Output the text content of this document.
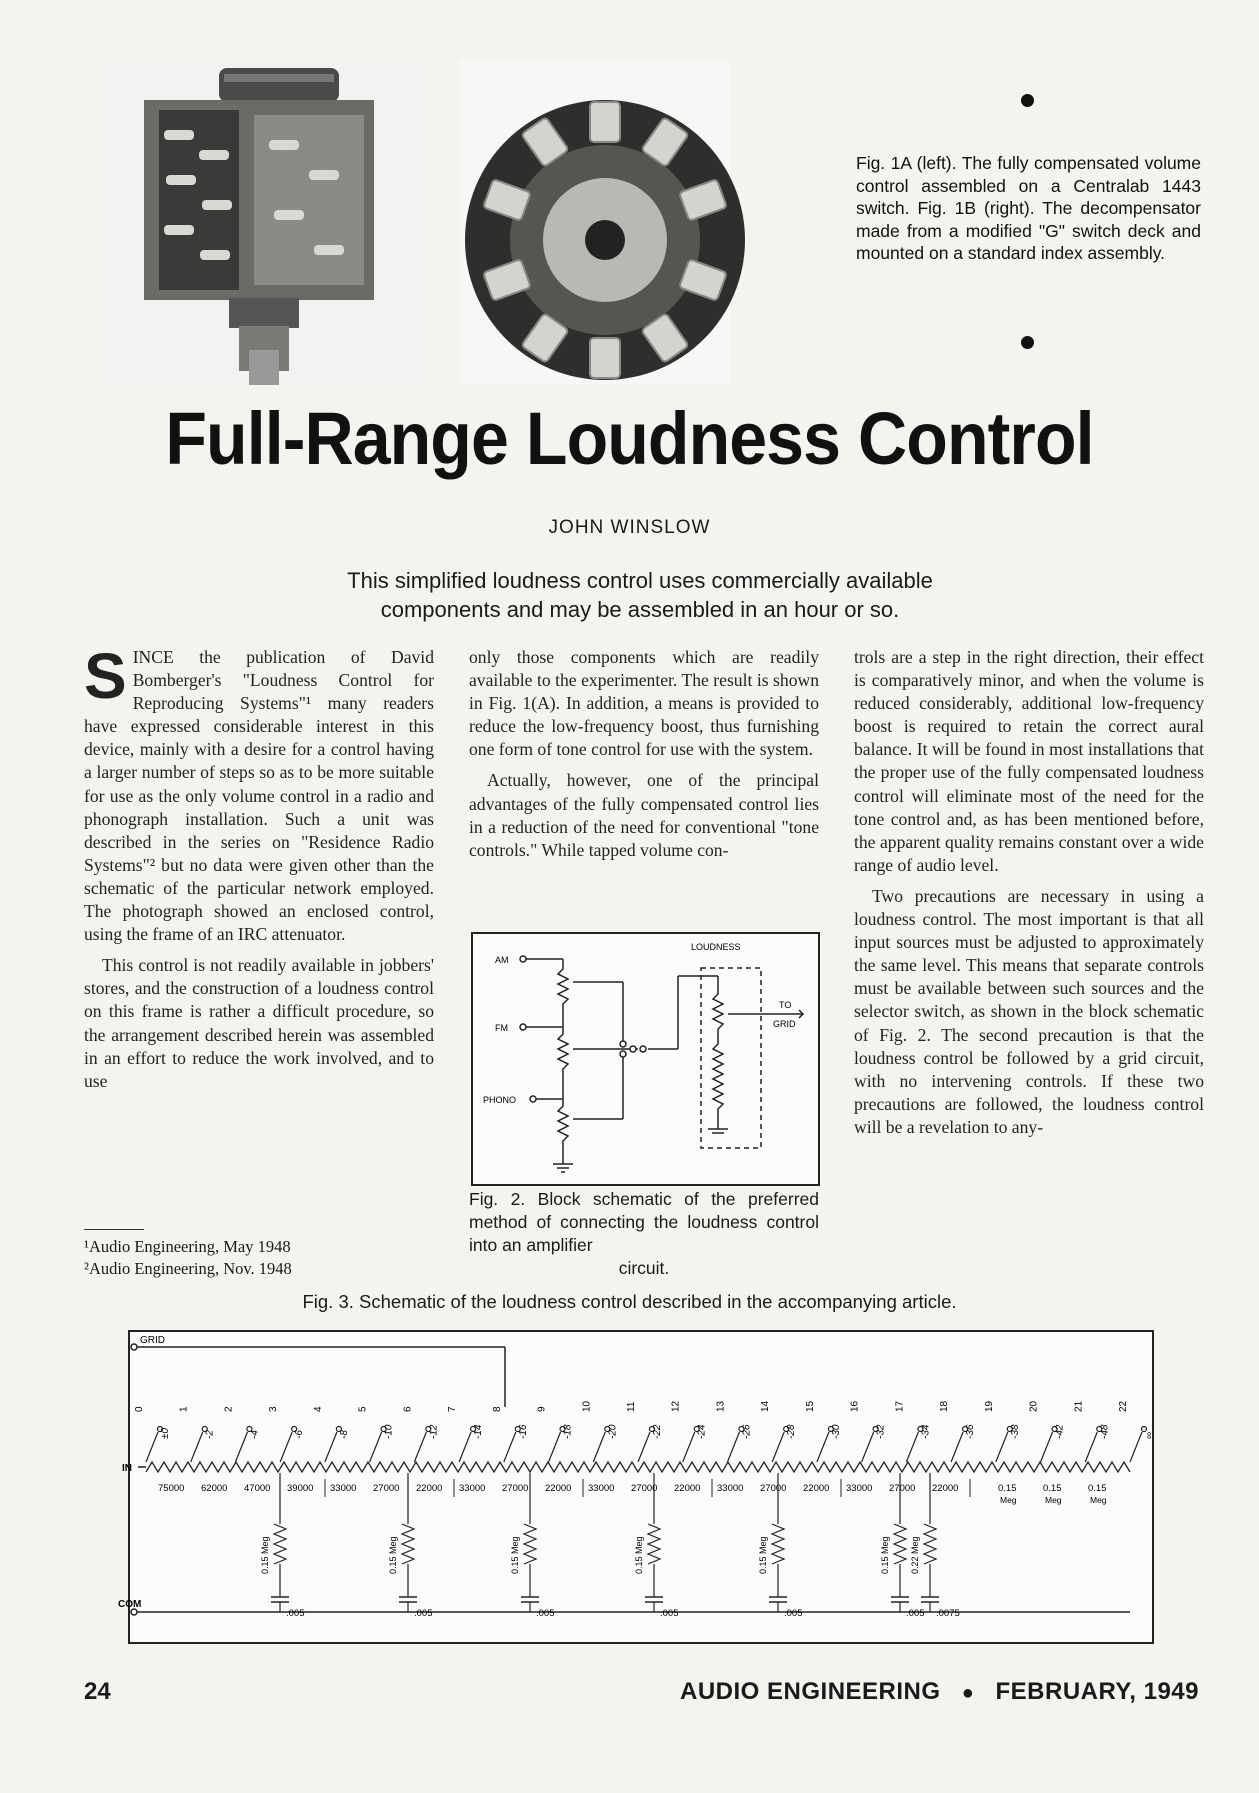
Fig. 1A (left). The fully compensated volume control assembled on a Centralab 1443 switch. Fig. 1B (right). The decompensator made from a modified "G" switch deck and mounted on a standard index assembly.
Full-Range Loudness Control
JOHN WINSLOW
This simplified loudness control uses commercially available components and may be assembled in an hour or so.

SINCE the publication of David Bomberger's "Loudness Control for Reproducing Systems"¹ many readers have expressed considerable interest in this device, mainly with a desire for a control having a larger number of steps so as to be more suitable for use as the only volume control in a radio and phonograph installation. Such a unit was described in the series on "Residence Radio Systems"² but no data were given other than the schematic of the particular network employed. The photograph showed an enclosed control, using the frame of an IRC attenuator.

This control is not readily available in jobbers' stores, and the construction of a loudness control on this frame is rather a difficult procedure, so the arrangement described herein was assembled in an effort to reduce the work involved, and to use

¹Audio Engineering, May 1948
²Audio Engineering, Nov. 1948

only those components which are readily available to the experimenter. The result is shown in Fig. 1(A). In addition, a means is provided to reduce the low-frequency boost, thus furnishing one form of tone control for use with the system.

Actually, however, one of the principal advantages of the fully compensated control lies in a reduction of the need for conventional "tone controls." While tapped volume con-

AM
FM
PHONO
LOUDNESS
TO
GRID
Fig. 2. Block schematic of the preferred method of connecting the loudness control into an amplifier
circuit.

trols are a step in the right direction, their effect is comparatively minor, and when the volume is reduced considerably, additional low-frequency boost is required to retain the correct aural balance. It will be found in most installations that the proper use of the fully compensated loudness control will eliminate most of the need for the tone control and, as has been mentioned before, the apparent quality remains constant over a wide range of audio level.

Two precautions are necessary in using a loudness control. The most important is that all input sources must be adjusted to approximately the same level. This means that separate controls must be available between such sources and the selector switch, as shown in the block schematic of Fig. 2. The second precaution is that the loudness control be followed by a grid circuit, with no intervening controls. If these two precautions are followed, the loudness control will be a revelation to any-

Fig. 3. Schematic of the loudness control described in the accompanying article.
GRID
IN
COM
0
±0
1
-2
2
-4
3
-6
4
-8
5
-10
6
-12
7
-14
8
-16
9
-18
10
-20
11
-22
12
-24
13
-26
14
-28
15
-30
16
-32
17
-34
18
-36
19
-38
20
-42
21
-48
22
∞
75000 62000 47000 39000 33000 27000 22000 33000 27000 22000 33000 27000 22000 33000 27000 22000 33000 27000 22000	0.15
Meg
0.15
Meg
0.15
Meg
0.15 Meg
.005
0.15 Meg
.005
0.15 Meg
.005
0.15 Meg
.005
0.15 Meg
.005
0.15 Meg
.005
0.22 Meg
.0075
24	AUDIO ENGINEERING ● FEBRUARY, 1949
